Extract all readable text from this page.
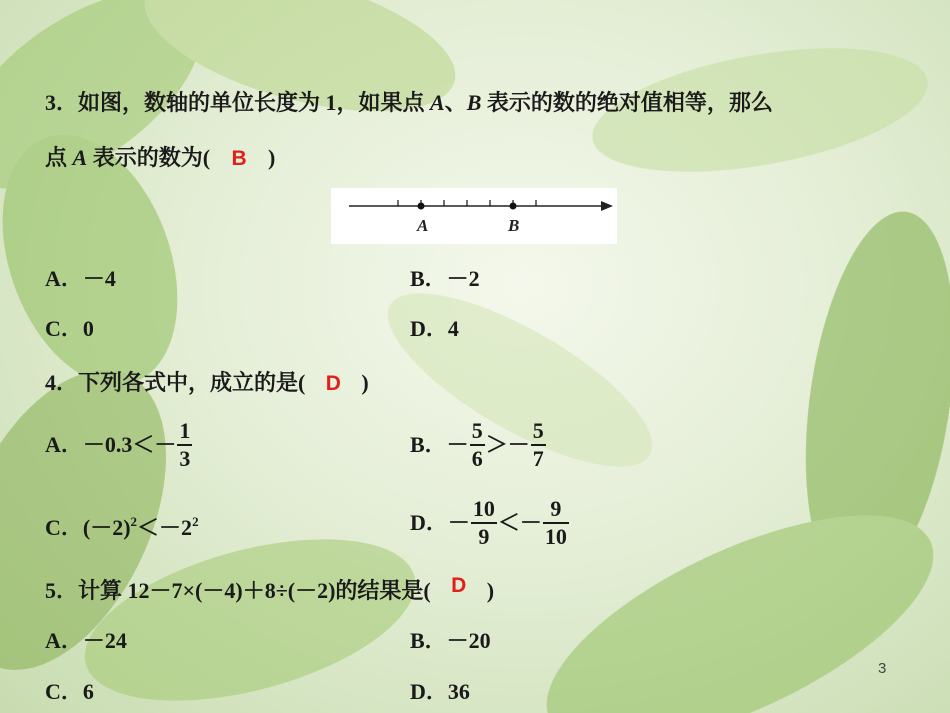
3．如图，数轴的单位长度为 1，如果点 A、B 表示的数的绝对值相等，那么
点 A 表示的数为( B )
A	B
A．－4	B．－2
C．0	D．4
4．下列各式中，成立的是( D )
A．$-0.3<- \frac{1}{3}$	B．－ $\frac{5}{6} >- \frac{5}{7}$
C．$(-2)^2<-2^2$	D．－ $\frac{10}{9} <- \frac{9}{10}$
5．计算 12－7×(－4)＋8÷(－2)的结果是( D )
A．－24	B．－20
C．6	D．36
3
